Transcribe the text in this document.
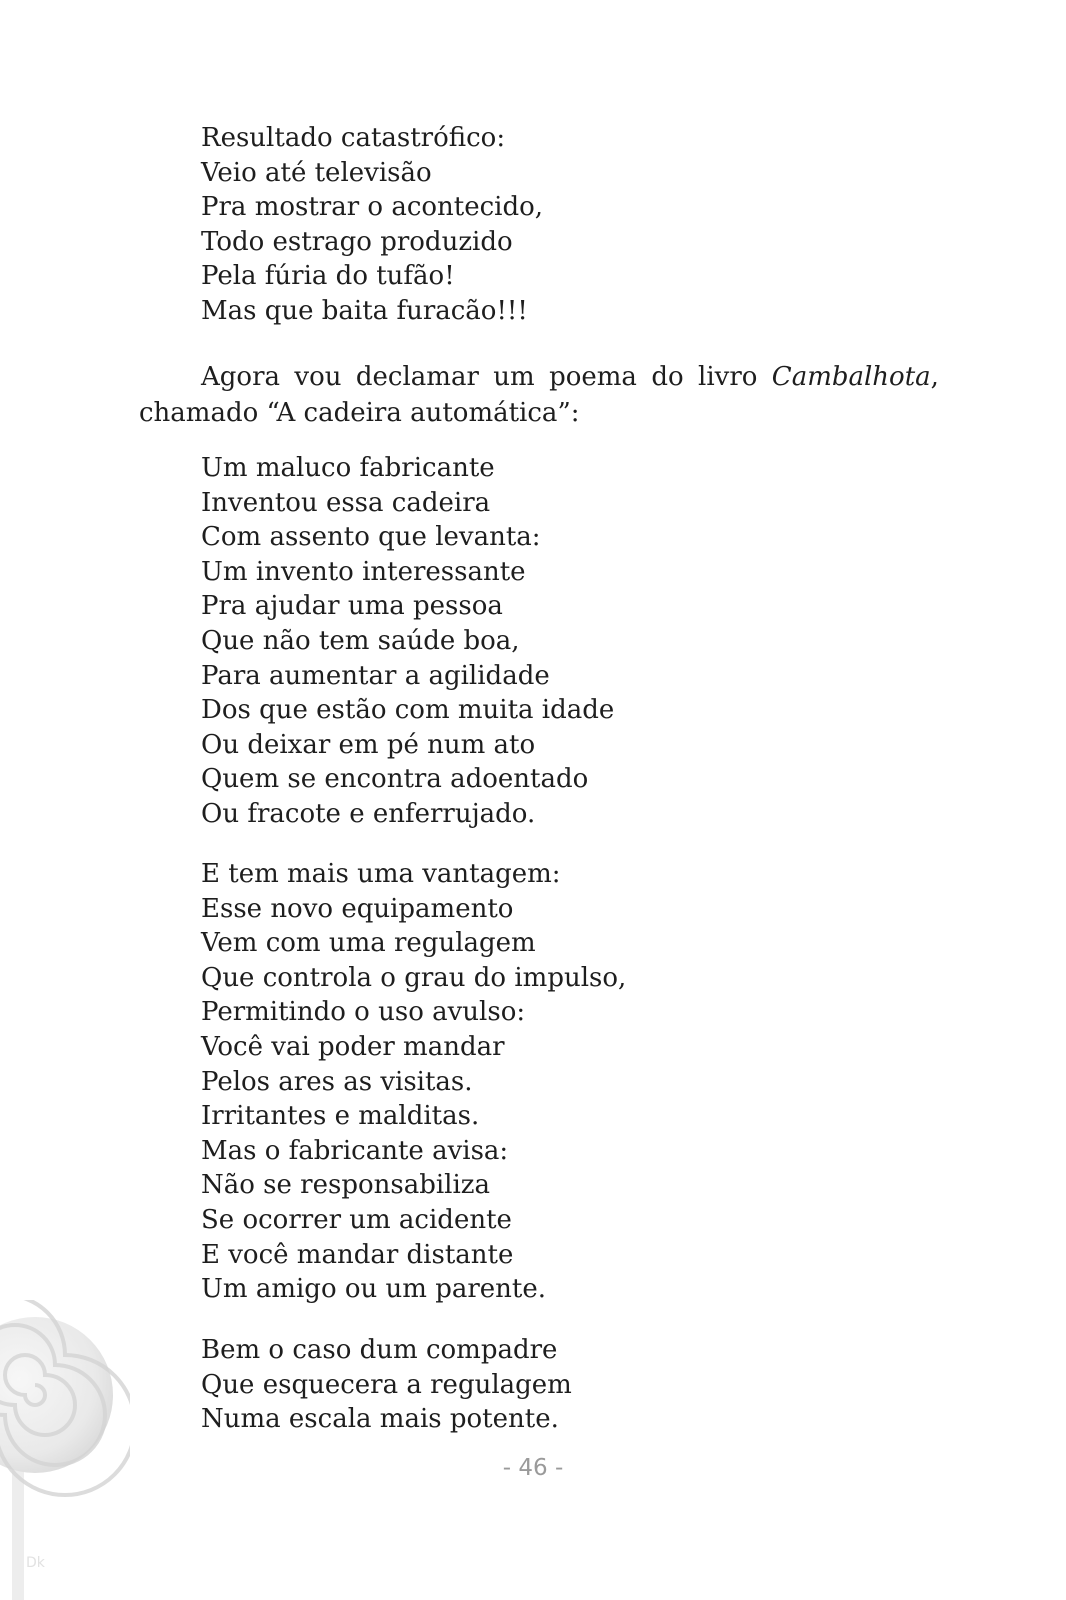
Resultado catastrófico:
Veio até televisão
Pra mostrar o acontecido,
Todo estrago produzido
Pela fúria do tufão!
Mas que baita furacão!!!
Agora vou declamar um poema do livro Cambalhota,
chamado “A cadeira automática”:
Um maluco fabricante
Inventou essa cadeira
Com assento que levanta:
Um invento interessante
Pra ajudar uma pessoa
Que não tem saúde boa,
Para aumentar a agilidade
Dos que estão com muita idade
Ou deixar em pé num ato
Quem se encontra adoentado
Ou fracote e enferrujado.
E tem mais uma vantagem:
Esse novo equipamento
Vem com uma regulagem
Que controla o grau do impulso,
Permitindo o uso avulso:
Você vai poder mandar
Pelos ares as visitas.
Irritantes e malditas.
Mas o fabricante avisa:
Não se responsabiliza
Se ocorrer um acidente
E você mandar distante
Um amigo ou um parente.
Bem o caso dum compadre
Que esquecera a regulagem
Numa escala mais potente.
- 46 -
Dk
